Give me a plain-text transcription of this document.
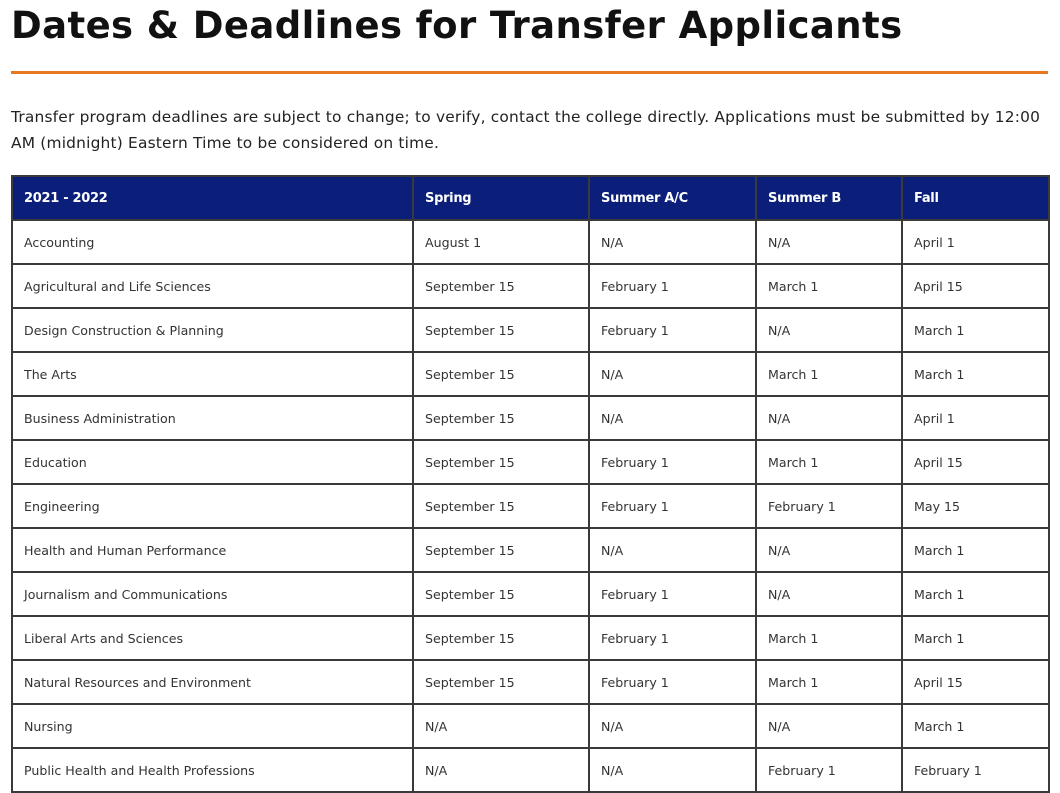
Dates & Deadlines for Transfer Applicants

Transfer program deadlines are subject to change; to verify, contact the college directly. Applications must be submitted by 12:00 AM (midnight) Eastern Time to be considered on time.

2021 - 2022	Spring	Summer A/C	Summer B	Fall
Accounting	August 1	N/A	N/A	April 1
Agricultural and Life Sciences	September 15	February 1	March 1	April 15
Design Construction & Planning	September 15	February 1	N/A	March 1
The Arts	September 15	N/A	March 1	March 1
Business Administration	September 15	N/A	N/A	April 1
Education	September 15	February 1	March 1	April 15
Engineering	September 15	February 1	February 1	May 15
Health and Human Performance	September 15	N/A	N/A	March 1
Journalism and Communications	September 15	February 1	N/A	March 1
Liberal Arts and Sciences	September 15	February 1	March 1	March 1
Natural Resources and Environment	September 15	February 1	March 1	April 15
Nursing	N/A	N/A	N/A	March 1
Public Health and Health Professions	N/A	N/A	February 1	February 1
